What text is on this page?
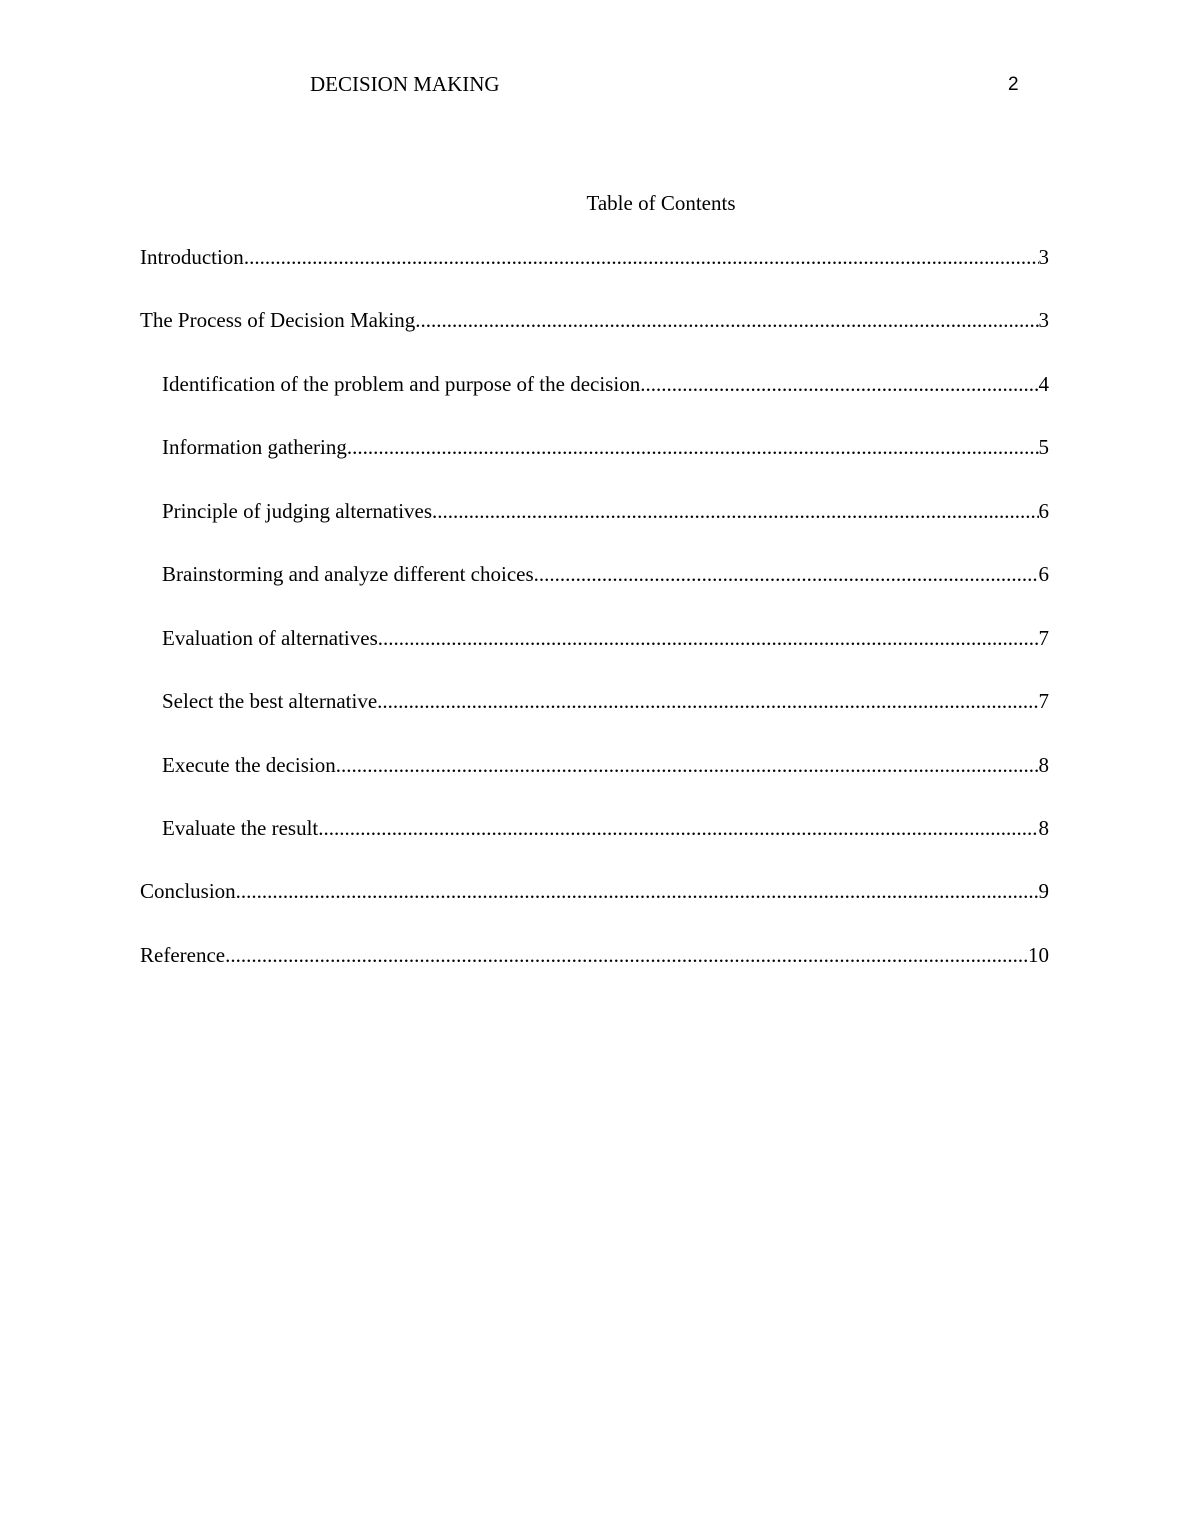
DECISION MAKING	2
Table of Contents
Introduction .....	3
The Process of Decision Making .....	3
Identification of the problem and purpose of the decision .....	4
Information gathering .....	5
Principle of judging alternatives .....	6
Brainstorming and analyze different choices .....	6
Evaluation of alternatives .....	7
Select the best alternative .....	7
Execute the decision .....	8
Evaluate the result .....	8
Conclusion .....	9
Reference .....	10
